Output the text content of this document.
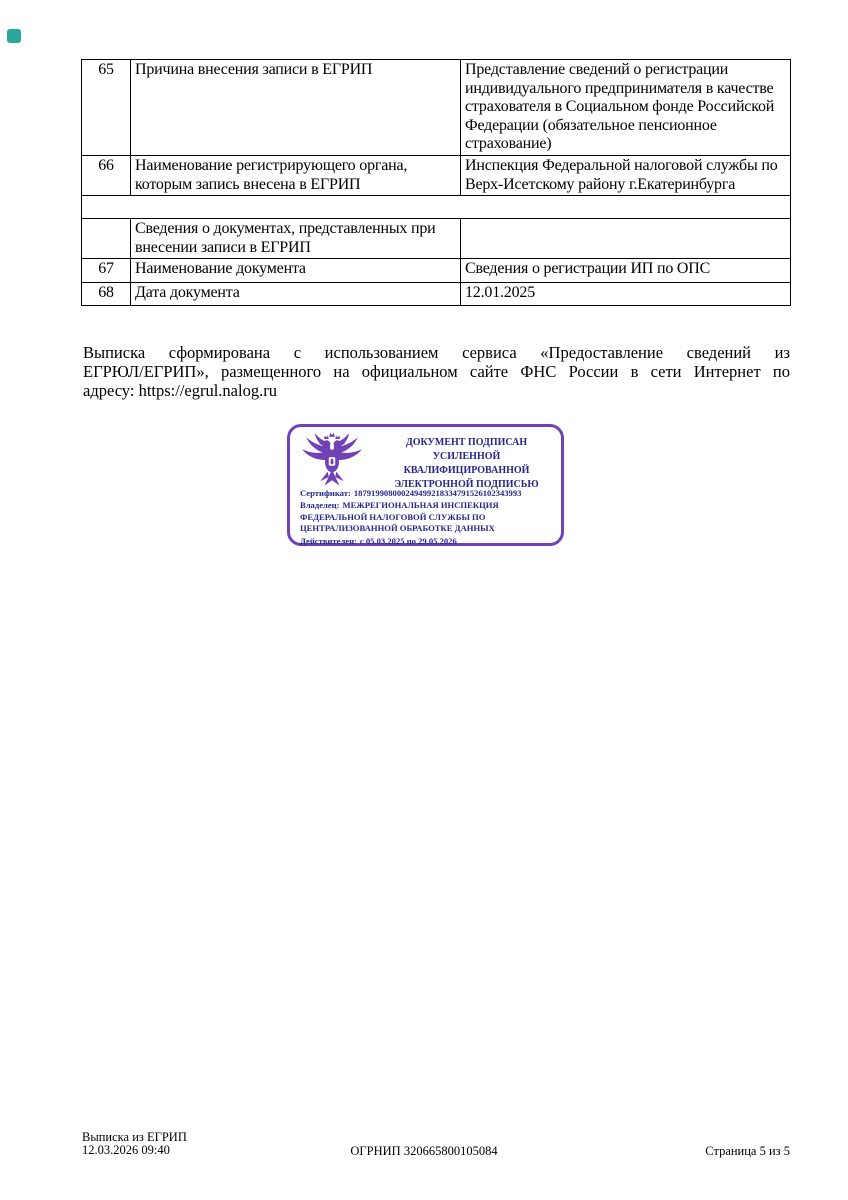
65	Причина внесения записи в ЕГРИП	Представление сведений о регистрации индивидуального предпринимателя в качестве страхователя в Социальном фонде Российской Федерации (обязательное пенсионное страхование)
66	Наименование регистрирующего органа, которым запись внесена в ЕГРИП	Инспекция Федеральной налоговой службы по Верх-Исетскому району г.Екатеринбурга

	Сведения о документах, представленных при внесении записи в ЕГРИП	
67	Наименование документа	Сведения о регистрации ИП по ОПС
68	Дата документа	12.01.2025
Выписка сформирована с использованием сервиса «Предоставление сведений из
ЕГРЮЛ/ЕГРИП», размещенного на официальном сайте ФНС России в сети Интернет по
адресу: https://egrul.nalog.ru
ДОКУМЕНТ ПОДПИСАН
УСИЛЕННОЙ КВАЛИФИЦИРОВАННОЙ
ЭЛЕКТРОННОЙ ПОДПИСЬЮ
Сертификат: 187919908000249499218334791526102343993
Владелец: МЕЖРЕГИОНАЛЬНАЯ ИНСПЕКЦИЯ ФЕДЕРАЛЬНОЙ НАЛОГОВОЙ СЛУЖБЫ ПО ЦЕНТРАЛИЗОВАННОЙ ОБРАБОТКЕ ДАННЫХ
Действителен: с 05.03.2025 по 29.05.2026
Выписка из ЕГРИП
12.03.2026 09:40	ОГРНИП 320665800105084	Страница 5 из 5
